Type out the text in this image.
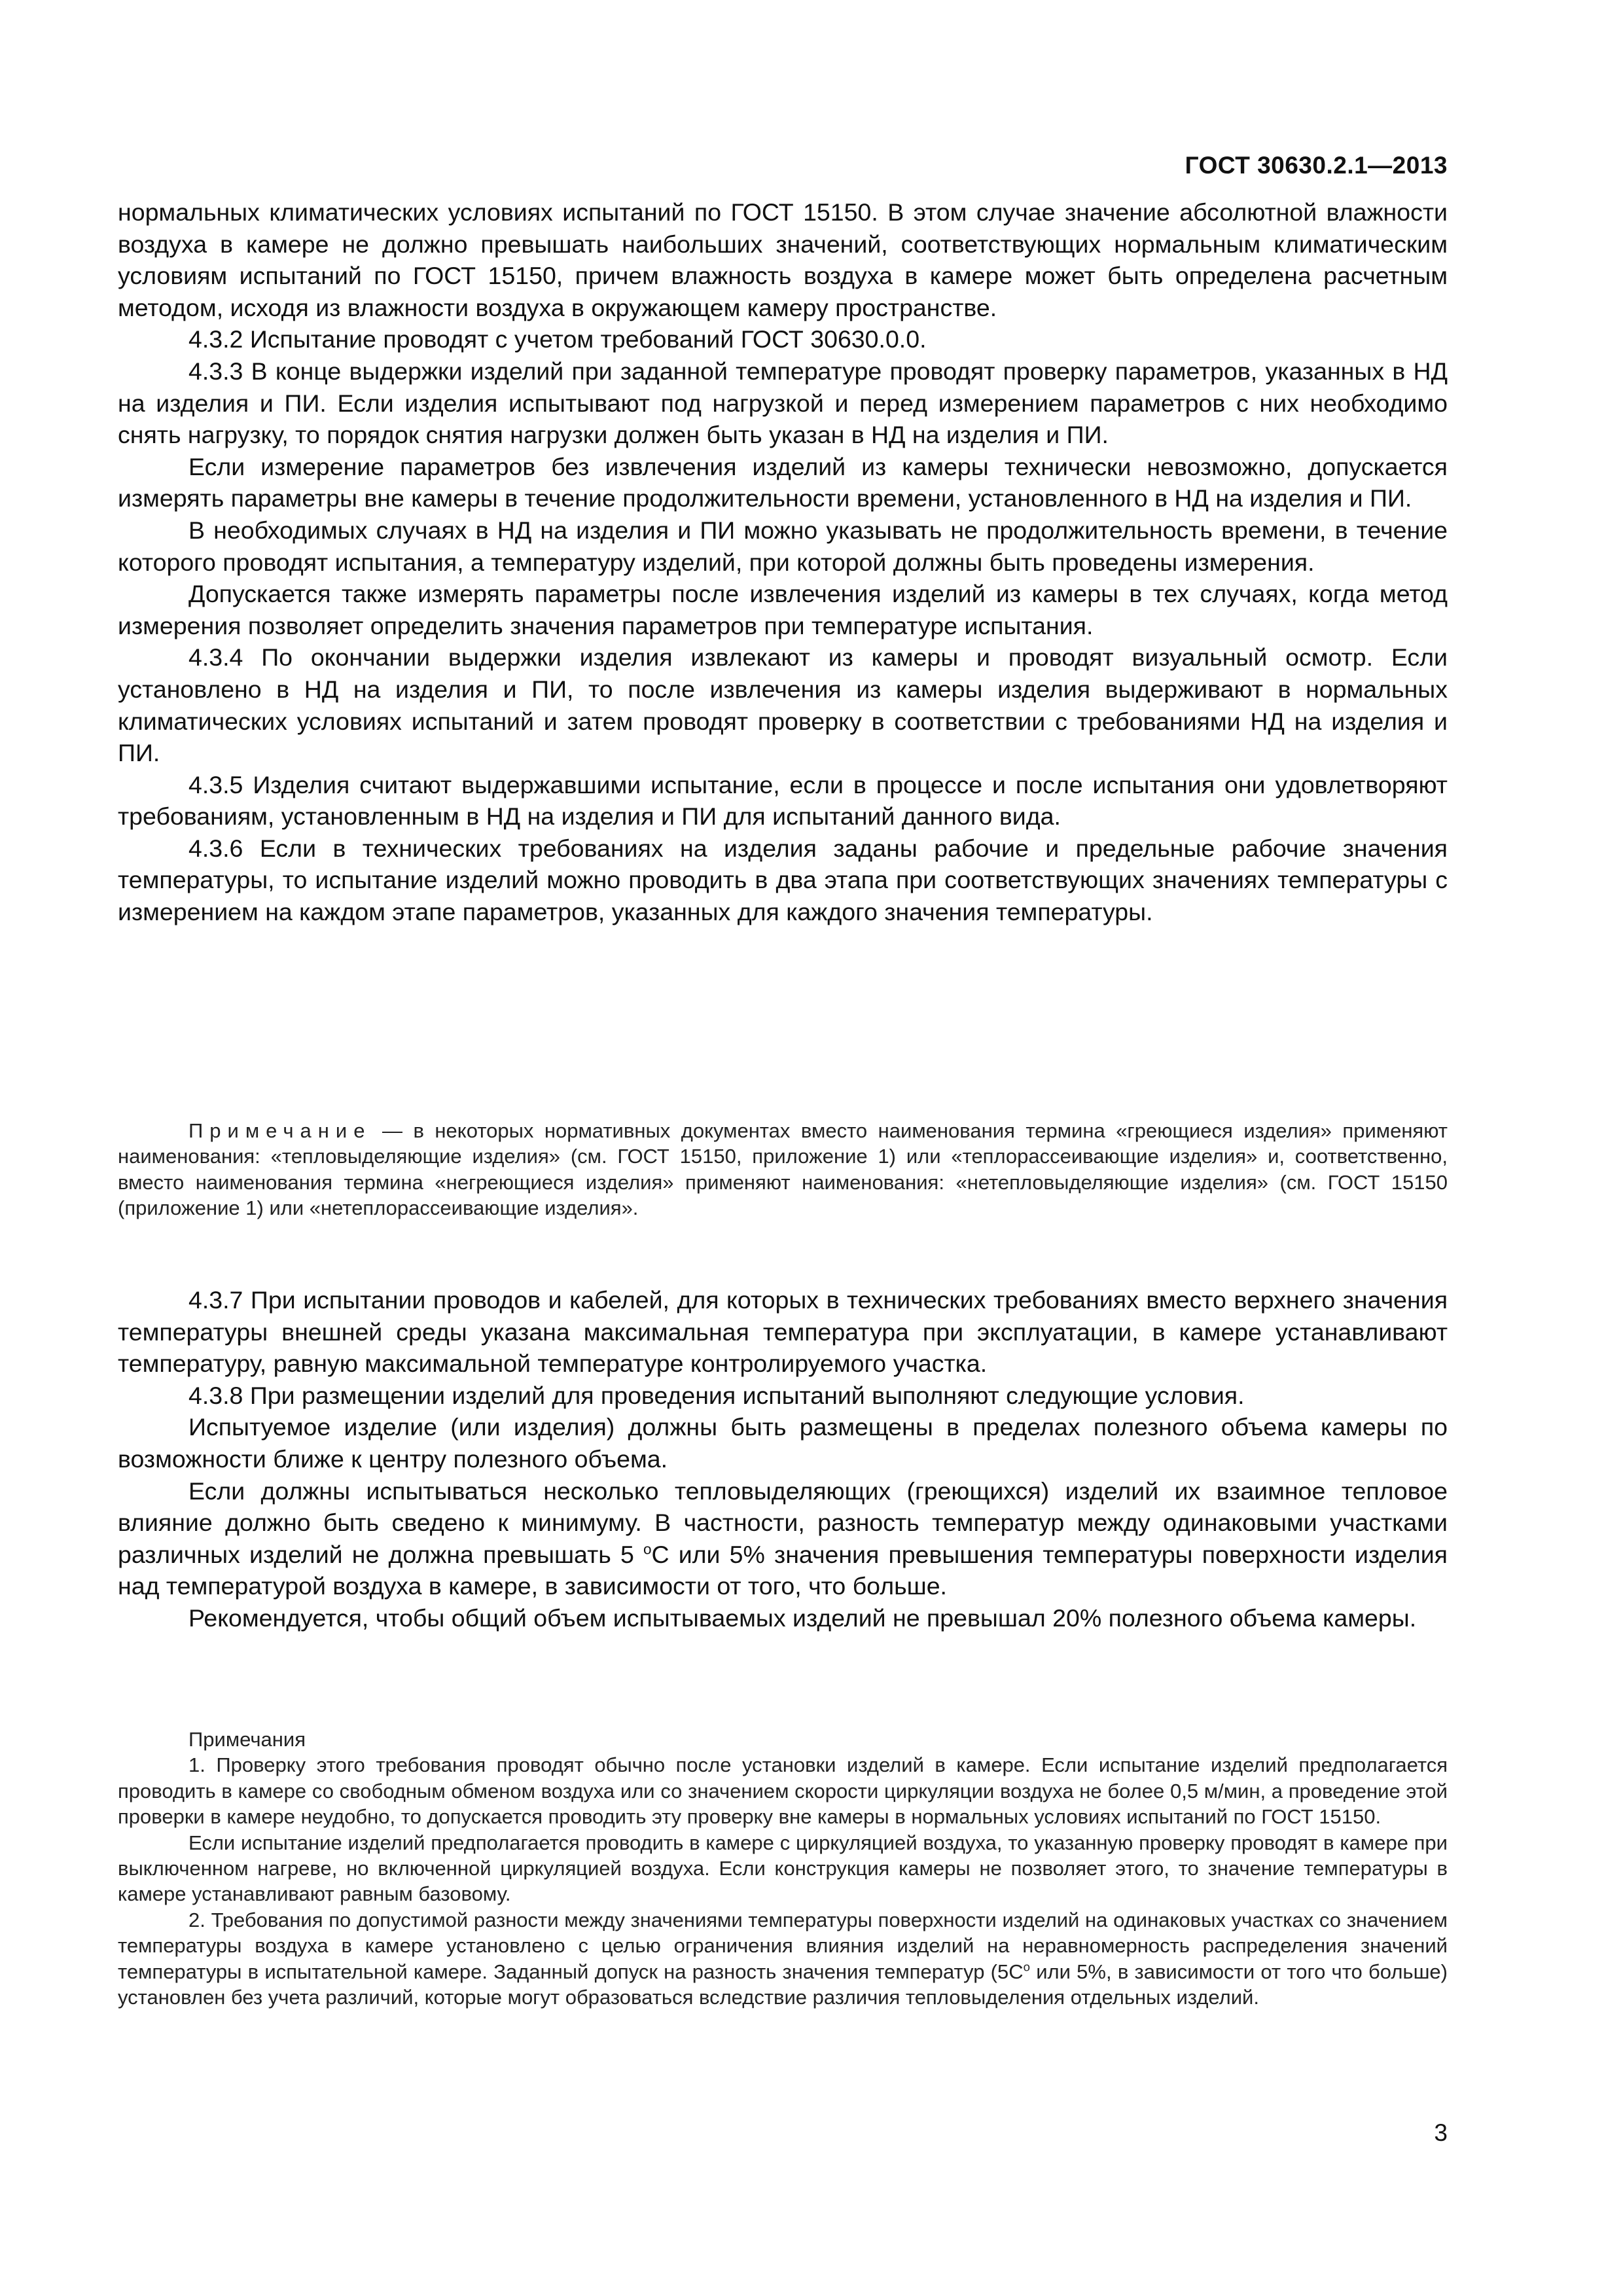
ГОСТ 30630.2.1—2013

нормальных климатических условиях испытаний по ГОСТ 15150. В этом случае значение абсолютной влажности воздуха в камере не должно превышать наибольших значений, соответствующих нормальным климатическим условиям испытаний по ГОСТ 15150, причем влажность воздуха в камере может быть определена расчетным методом, исходя из влажности воздуха в окружающем камеру пространстве.

4.3.2 Испытание проводят с учетом требований ГОСТ 30630.0.0.

4.3.3 В конце выдержки изделий при заданной температуре проводят проверку параметров, указанных в НД на изделия и ПИ. Если изделия испытывают под нагрузкой и перед измерением параметров с них необходимо снять нагрузку, то порядок снятия нагрузки должен быть указан в НД на изделия и ПИ.

Если измерение параметров без извлечения изделий из камеры технически невозможно, допускается измерять параметры вне камеры в течение продолжительности времени, установленного в НД на изделия и ПИ.

В необходимых случаях в НД на изделия и ПИ можно указывать не продолжительность времени, в течение которого проводят испытания, а температуру изделий, при которой должны быть проведены измерения.

Допускается также измерять параметры после извлечения изделий из камеры в тех случаях, когда метод измерения позволяет определить значения параметров при температуре испытания.

4.3.4 По окончании выдержки изделия извлекают из камеры и проводят визуальный осмотр. Если установлено в НД на изделия и ПИ, то после извлечения из камеры изделия выдерживают в нормальных климатических условиях испытаний и затем проводят проверку в соответствии с требованиями НД на изделия и ПИ.

4.3.5 Изделия считают выдержавшими испытание, если в процессе и после испытания они удовлетворяют требованиям, установленным в НД на изделия и ПИ для испытаний данного вида.

4.3.6 Если в технических требованиях на изделия заданы рабочие и предельные рабочие значения температуры, то испытание изделий можно проводить в два этапа при соответствующих значениях температуры с измерением на каждом этапе параметров, указанных для каждого значения температуры.

Примечание — в некоторых нормативных документах вместо наименования термина «греющиеся изделия» применяют наименования: «тепловыделяющие изделия» (см. ГОСТ 15150, приложение 1) или «теплорассеивающие изделия» и, соответственно, вместо наименования термина «негреющиеся изделия» применяют наименования: «нетепловыделяющие изделия» (см. ГОСТ 15150 (приложение 1) или «нетеплорассеивающие изделия».

4.3.7 При испытании проводов и кабелей, для которых в технических требованиях вместо верхнего значения температуры внешней среды указана максимальная температура при эксплуатации, в камере устанавливают температуру, равную максимальной температуре контролируемого участка.

4.3.8 При размещении изделий для проведения испытаний выполняют следующие условия.

Испытуемое изделие (или изделия) должны быть размещены в пределах полезного объема камеры по возможности ближе к центру полезного объема.

Если должны испытываться несколько тепловыделяющих (греющихся) изделий их взаимное тепловое влияние должно быть сведено к минимуму. В частности, разность температур между одинаковыми участками различных изделий не должна превышать 5 $^о$С или 5% значения превышения температуры поверхности изделия над температурой воздуха в камере, в зависимости от того, что больше.

Рекомендуется, чтобы общий объем испытываемых изделий не превышал 20% полезного объема камеры.

Примечания

1. Проверку этого требования проводят обычно после установки изделий в камере. Если испытание изделий предполагается проводить в камере со свободным обменом воздуха или со значением скорости циркуляции воздуха не более 0,5 м/мин, а проведение этой проверки в камере неудобно, то допускается проводить эту проверку вне камеры в нормальных условиях испытаний по ГОСТ 15150.

Если испытание изделий предполагается проводить в камере с циркуляцией воздуха, то указанную проверку проводят в камере при выключенном нагреве, но включенной циркуляцией воздуха. Если конструкция камеры не позволяет этого, то значение температуры в камере устанавливают равным базовому.

2. Требования по допустимой разности между значениями температуры поверхности изделий на одинаковых участках со значением температуры воздуха в камере установлено с целью ограничения влияния изделий на неравномерность распределения значений температуры в испытательной камере. Заданный допуск на разность значения температур ($5С^о$ или 5%, в зависимости от того что больше) установлен без учета различий, которые могут образоваться вследствие различия тепловыделения отдельных изделий.

3
